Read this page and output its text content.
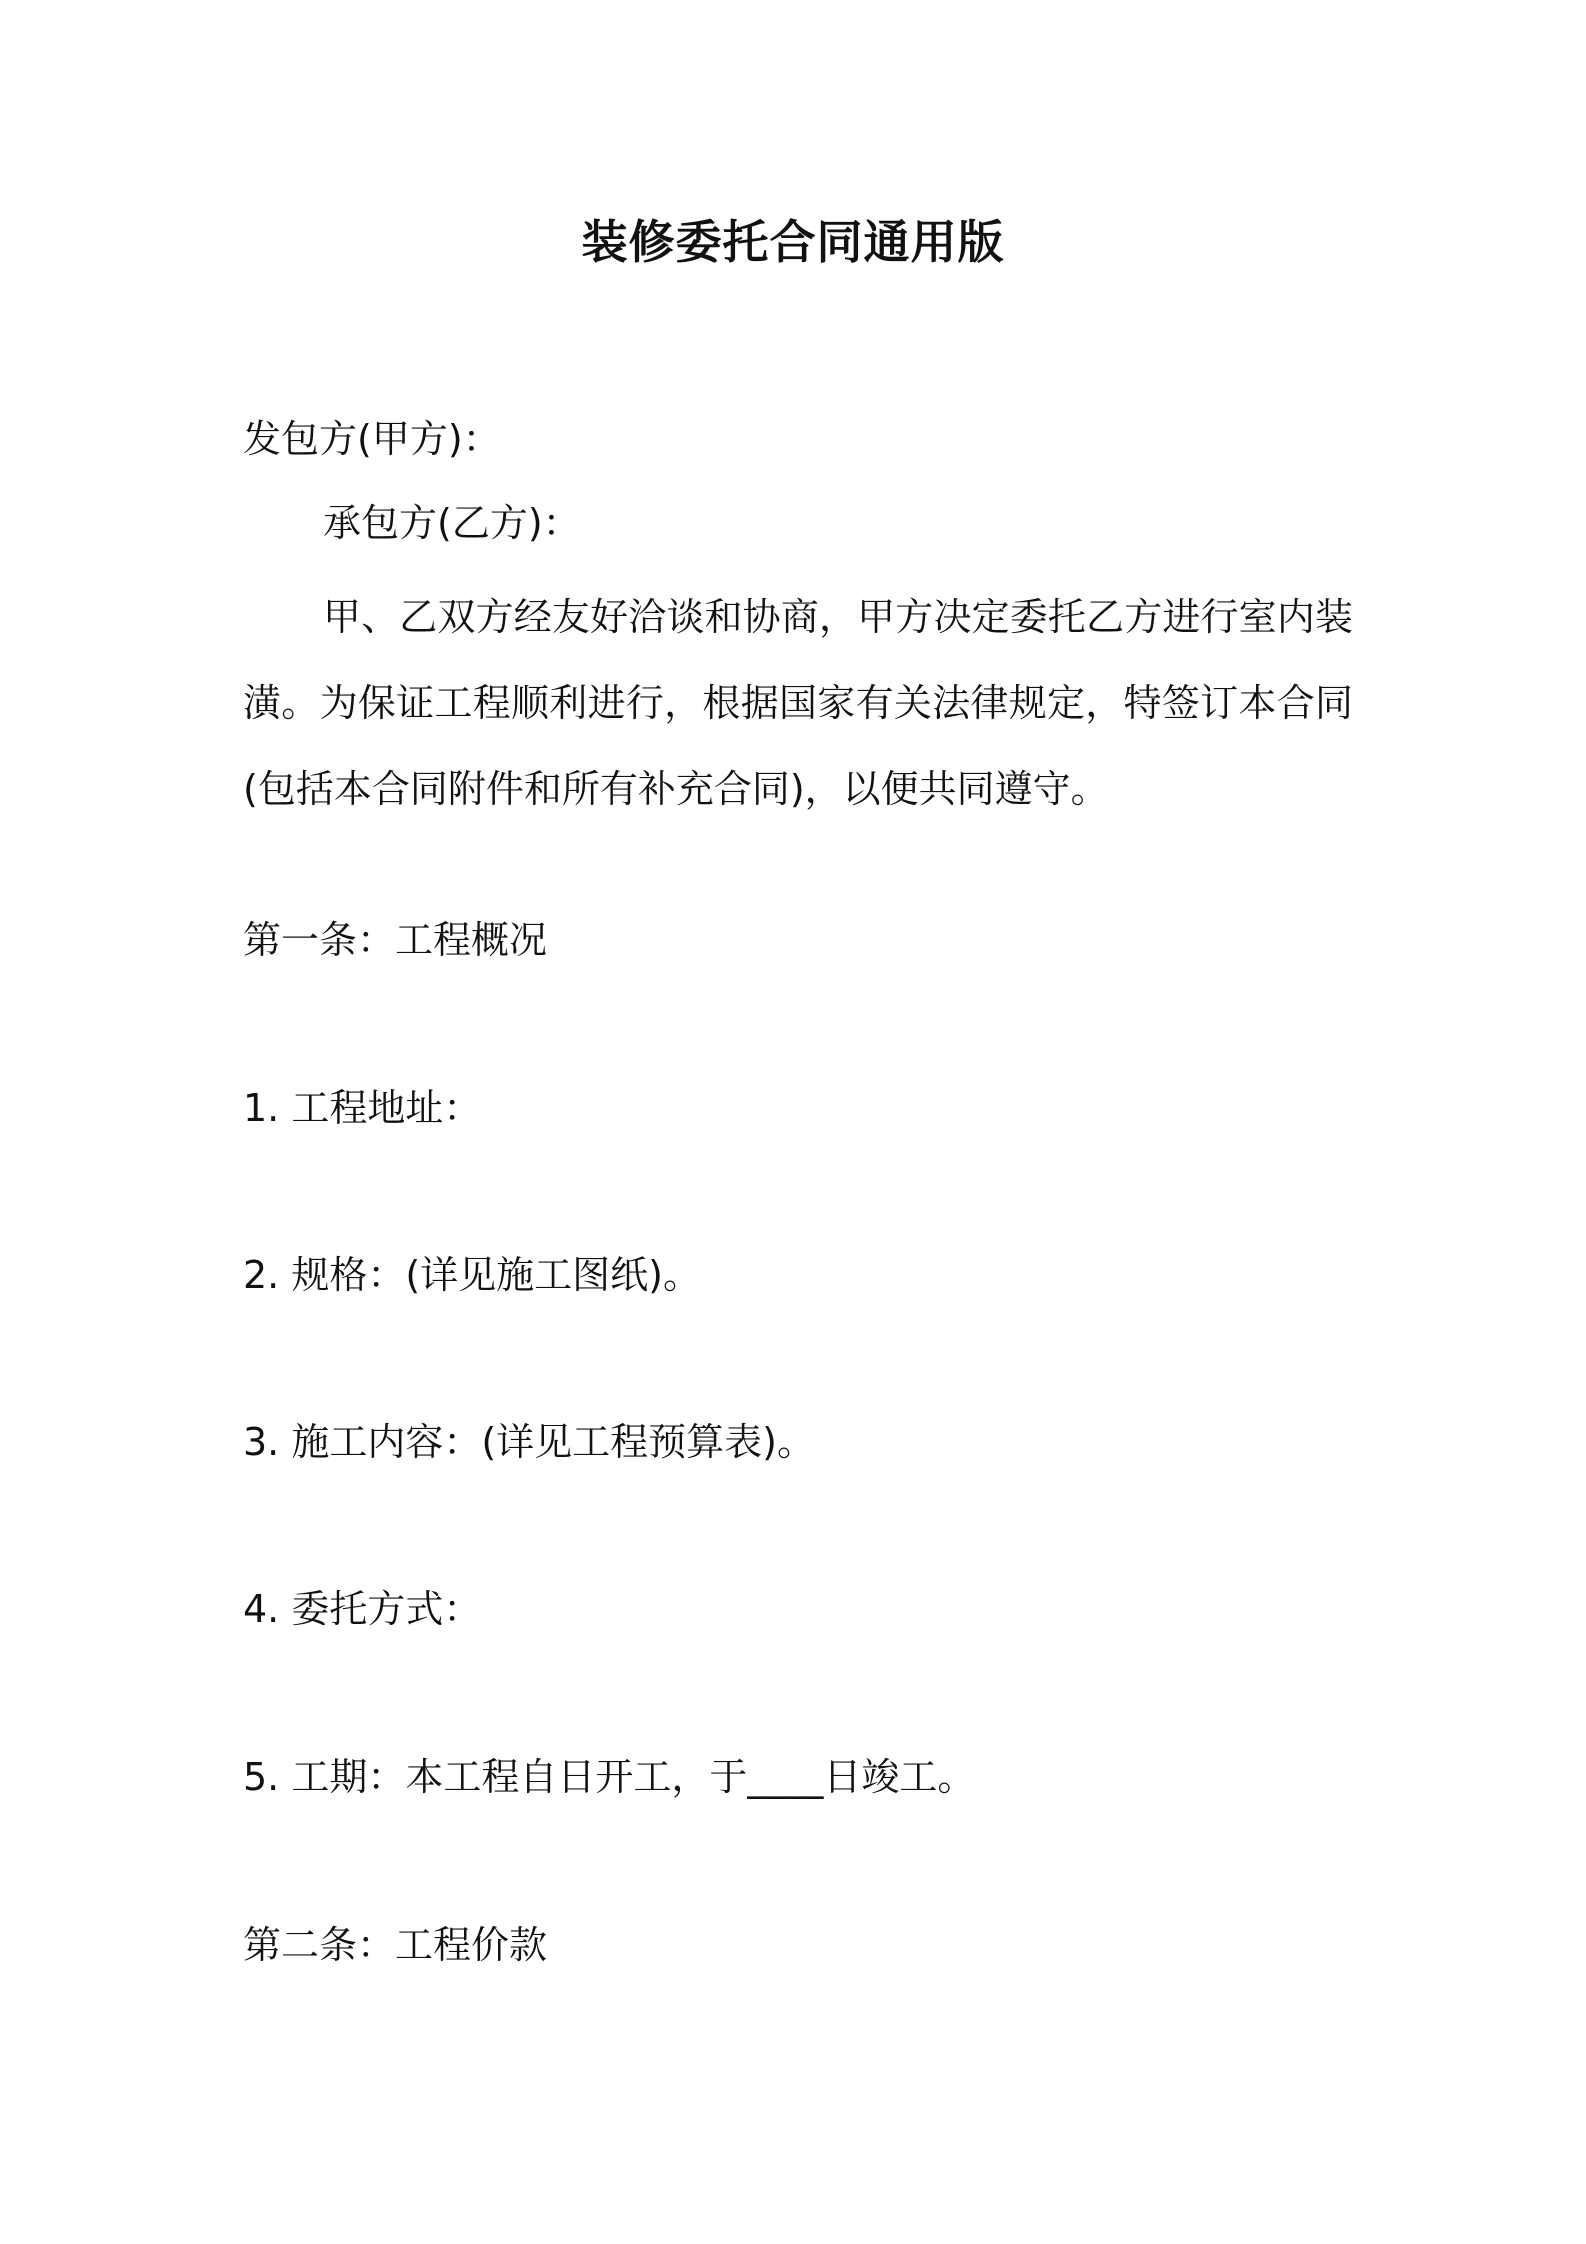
装修委托合同通用版
发包方(甲方)：
承包方(乙方)：
甲、乙双方经友好洽谈和协商，甲方决定委托乙方进行室内装潢。为保证工程顺利进行，根据国家有关法律规定，特签订本合同(包括本合同附件和所有补充合同)，以便共同遵守。
第一条：工程概况
1. 工程地址：
2. 规格：(详见施工图纸)。
3. 施工内容：(详见工程预算表)。
4. 委托方式：
5. 工期：本工程自日开工，于____日竣工。
第二条：工程价款
